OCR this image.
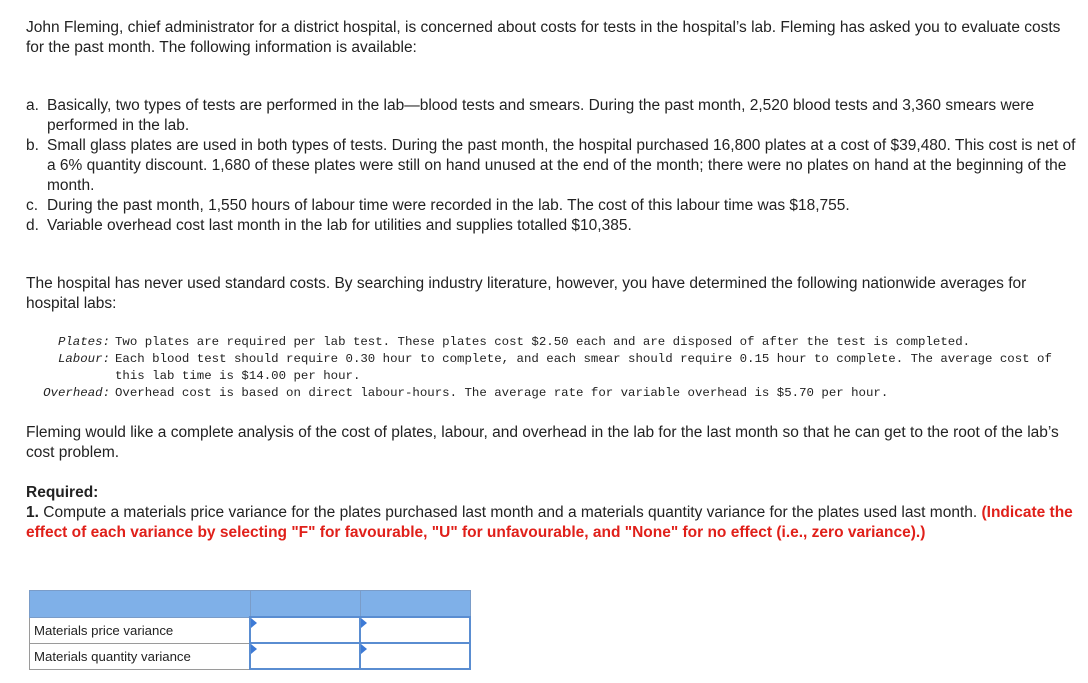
John Fleming, chief administrator for a district hospital, is concerned about costs for tests in the hospital’s lab. Fleming has asked you to evaluate costs for the past month. The following information is available:

a. Basically, two types of tests are performed in the lab—blood tests and smears. During the past month, 2,520 blood tests and 3,360 smears were performed in the lab.
b. Small glass plates are used in both types of tests. During the past month, the hospital purchased 16,800 plates at a cost of $39,480. This cost is net of a 6% quantity discount. 1,680 of these plates were still on hand unused at the end of the month; there were no plates on hand at the beginning of the month.
c. During the past month, 1,550 hours of labour time were recorded in the lab. The cost of this labour time was $18,755.
d. Variable overhead cost last month in the lab for utilities and supplies totalled $10,385.

The hospital has never used standard costs. By searching industry literature, however, you have determined the following nationwide averages for hospital labs:

Plates: Two plates are required per lab test. These plates cost $2.50 each and are disposed of after the test is completed.
Labour: Each blood test should require 0.30 hour to complete, and each smear should require 0.15 hour to complete. The average cost of this lab time is $14.00 per hour.
Overhead: Overhead cost is based on direct labour-hours. The average rate for variable overhead is $5.70 per hour.

Fleming would like a complete analysis of the cost of plates, labour, and overhead in the lab for the last month so that he can get to the root of the lab’s cost problem.

Required:
1. Compute a materials price variance for the plates purchased last month and a materials quantity variance for the plates used last month. (Indicate the effect of each variance by selecting "F" for favourable, "U" for unfavourable, and "None" for no effect (i.e., zero variance).)

Materials price variance		
Materials quantity variance		
